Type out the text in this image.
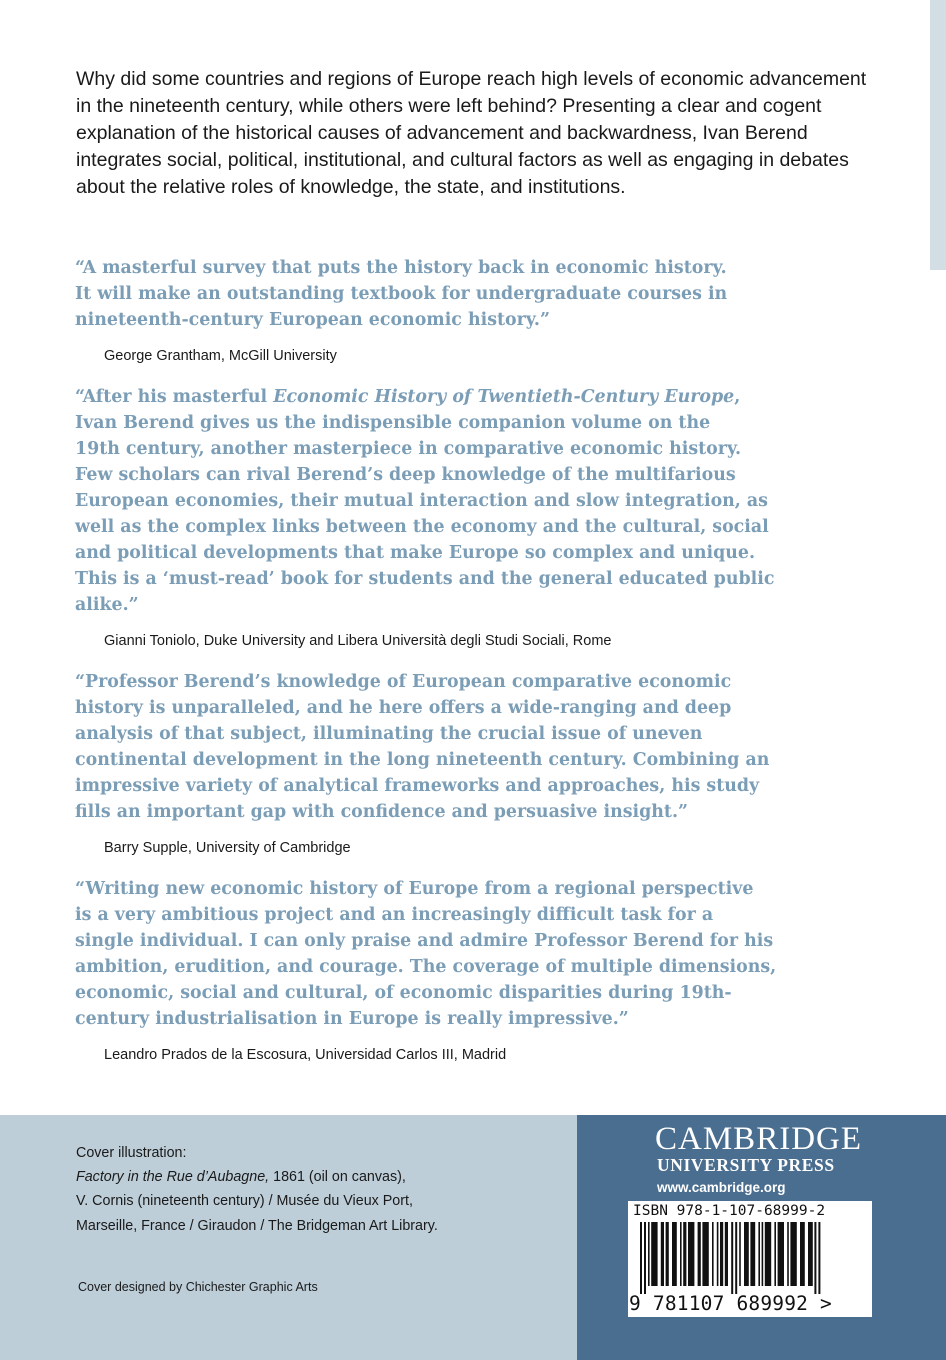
Why did some countries and regions of Europe reach high levels of economic advancement in the nineteenth century, while others were left behind? Presenting a clear and cogent explanation of the historical causes of advancement and backwardness, Ivan Berend integrates social, political, institutional, and cultural factors as well as engaging in debates about the relative roles of knowledge, the state, and institutions.

“A masterful survey that puts the history back in economic history.
It will make an outstanding textbook for undergraduate courses in
nineteenth-century European economic history.”

George Grantham, McGill University

“After his masterful Economic History of Twentieth-Century Europe,
Ivan Berend gives us the indispensible companion volume on the
19th century, another masterpiece in comparative economic history.
Few scholars can rival Berend’s deep knowledge of the multifarious
European economies, their mutual interaction and slow integration, as
well as the complex links between the economy and the cultural, social
and political developments that make Europe so complex and unique.
This is a ‘must-read’ book for students and the general educated public
alike.”

Gianni Toniolo, Duke University and Libera Università degli Studi Sociali, Rome

“Professor Berend’s knowledge of European comparative economic
history is unparalleled, and he here offers a wide-ranging and deep
analysis of that subject, illuminating the crucial issue of uneven
continental development in the long nineteenth century. Combining an
impressive variety of analytical frameworks and approaches, his study
fills an important gap with confidence and persuasive insight.”

Barry Supple, University of Cambridge

“Writing new economic history of Europe from a regional perspective
is a very ambitious project and an increasingly difficult task for a
single individual. I can only praise and admire Professor Berend for his
ambition, erudition, and courage. The coverage of multiple dimensions,
economic, social and cultural, of economic disparities during 19th-
century industrialisation in Europe is really impressive.”

Leandro Prados de la Escosura, Universidad Carlos III, Madrid

Cover illustration:
Factory in the Rue d’Aubagne, 1861 (oil on canvas),
V. Cornis (nineteenth century) / Musée du Vieux Port,
Marseille, France / Giraudon / The Bridgeman Art Library.

Cover designed by Chichester Graphic Arts

CAMBRIDGE

UNIVERSITY PRESS

www.cambridge.org

ISBN 978-1-107-68999-2

9 781107 689992 >
